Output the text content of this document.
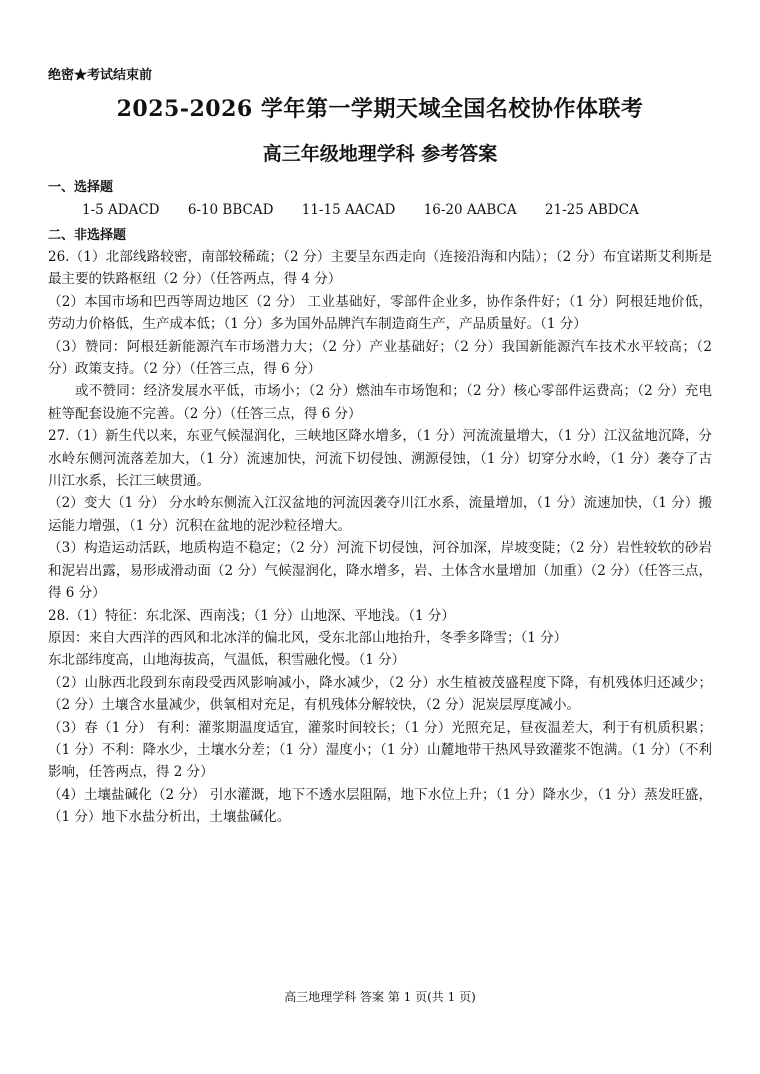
绝密★考试结束前
2025-2026 学年第一学期天域全国名校协作体联考
高三年级地理学科 参考答案
一、选择题
1-5 ADACD 6-10 BBCAD 11-15 AACAD 16-20 AABCA 21-25 ABDCA
二、非选择题

26.（1）北部线路较密，南部较稀疏；（2 分）主要呈东西走向（连接沿海和内陆）；（2 分）布宜诺斯艾利斯是最主要的铁路枢纽（2 分）（任答两点，得 4 分）

（2）本国市场和巴西等周边地区（2 分） 工业基础好，零部件企业多，协作条件好；（1 分）阿根廷地价低，劳动力价格低，生产成本低；（1 分）多为国外品牌汽车制造商生产，产品质量好。（1 分）

（3）赞同：阿根廷新能源汽车市场潜力大；（2 分）产业基础好；（2 分）我国新能源汽车技术水平较高；（2 分）政策支持。（2 分）（任答三点，得 6 分）

或不赞同：经济发展水平低，市场小；（2 分）燃油车市场饱和；（2 分）核心零部件运费高；（2 分）充电桩等配套设施不完善。（2 分）（任答三点，得 6 分）

27.（1）新生代以来，东亚气候湿润化，三峡地区降水增多，（1 分）河流流量增大，（1 分）江汉盆地沉降，分水岭东侧河流落差加大，（1 分）流速加快，河流下切侵蚀、溯源侵蚀，（1 分）切穿分水岭，（1 分）袭夺了古川江水系，长江三峡贯通。

（2）变大（1 分） 分水岭东侧流入江汉盆地的河流因袭夺川江水系，流量增加，（1 分）流速加快，（1 分）搬运能力增强，（1 分）沉积在盆地的泥沙粒径增大。

（3）构造运动活跃，地质构造不稳定；（2 分）河流下切侵蚀，河谷加深，岸坡变陡；（2 分）岩性较软的砂岩和泥岩出露，易形成滑动面（2 分）气候湿润化，降水增多，岩、土体含水量增加（加重）（2 分）（任答三点，得 6 分）

28.（1）特征：东北深、西南浅；（1 分）山地深、平地浅。（1 分）

原因：来自大西洋的西风和北冰洋的偏北风，受东北部山地抬升，冬季多降雪；（1 分）

东北部纬度高，山地海拔高，气温低，积雪融化慢。（1 分）

（2）山脉西北段到东南段受西风影响减小，降水减少，（2 分）水生植被茂盛程度下降，有机残体归还减少；（2 分）土壤含水量减少，供氧相对充足，有机残体分解较快，（2 分）泥炭层厚度减小。

（3）春（1 分） 有利：灌浆期温度适宜，灌浆时间较长；（1 分）光照充足，昼夜温差大，利于有机质积累；（1 分）不利：降水少，土壤水分差；（1 分）湿度小；（1 分）山麓地带干热风导致灌浆不饱满。（1 分）（不利影响，任答两点，得 2 分）

（4）土壤盐碱化（2 分） 引水灌溉，地下不透水层阻隔，地下水位上升；（1 分）降水少，（1 分）蒸发旺盛，（1 分）地下水盐分析出，土壤盐碱化。

高三地理学科 答案 第 1 页(共 1 页)
